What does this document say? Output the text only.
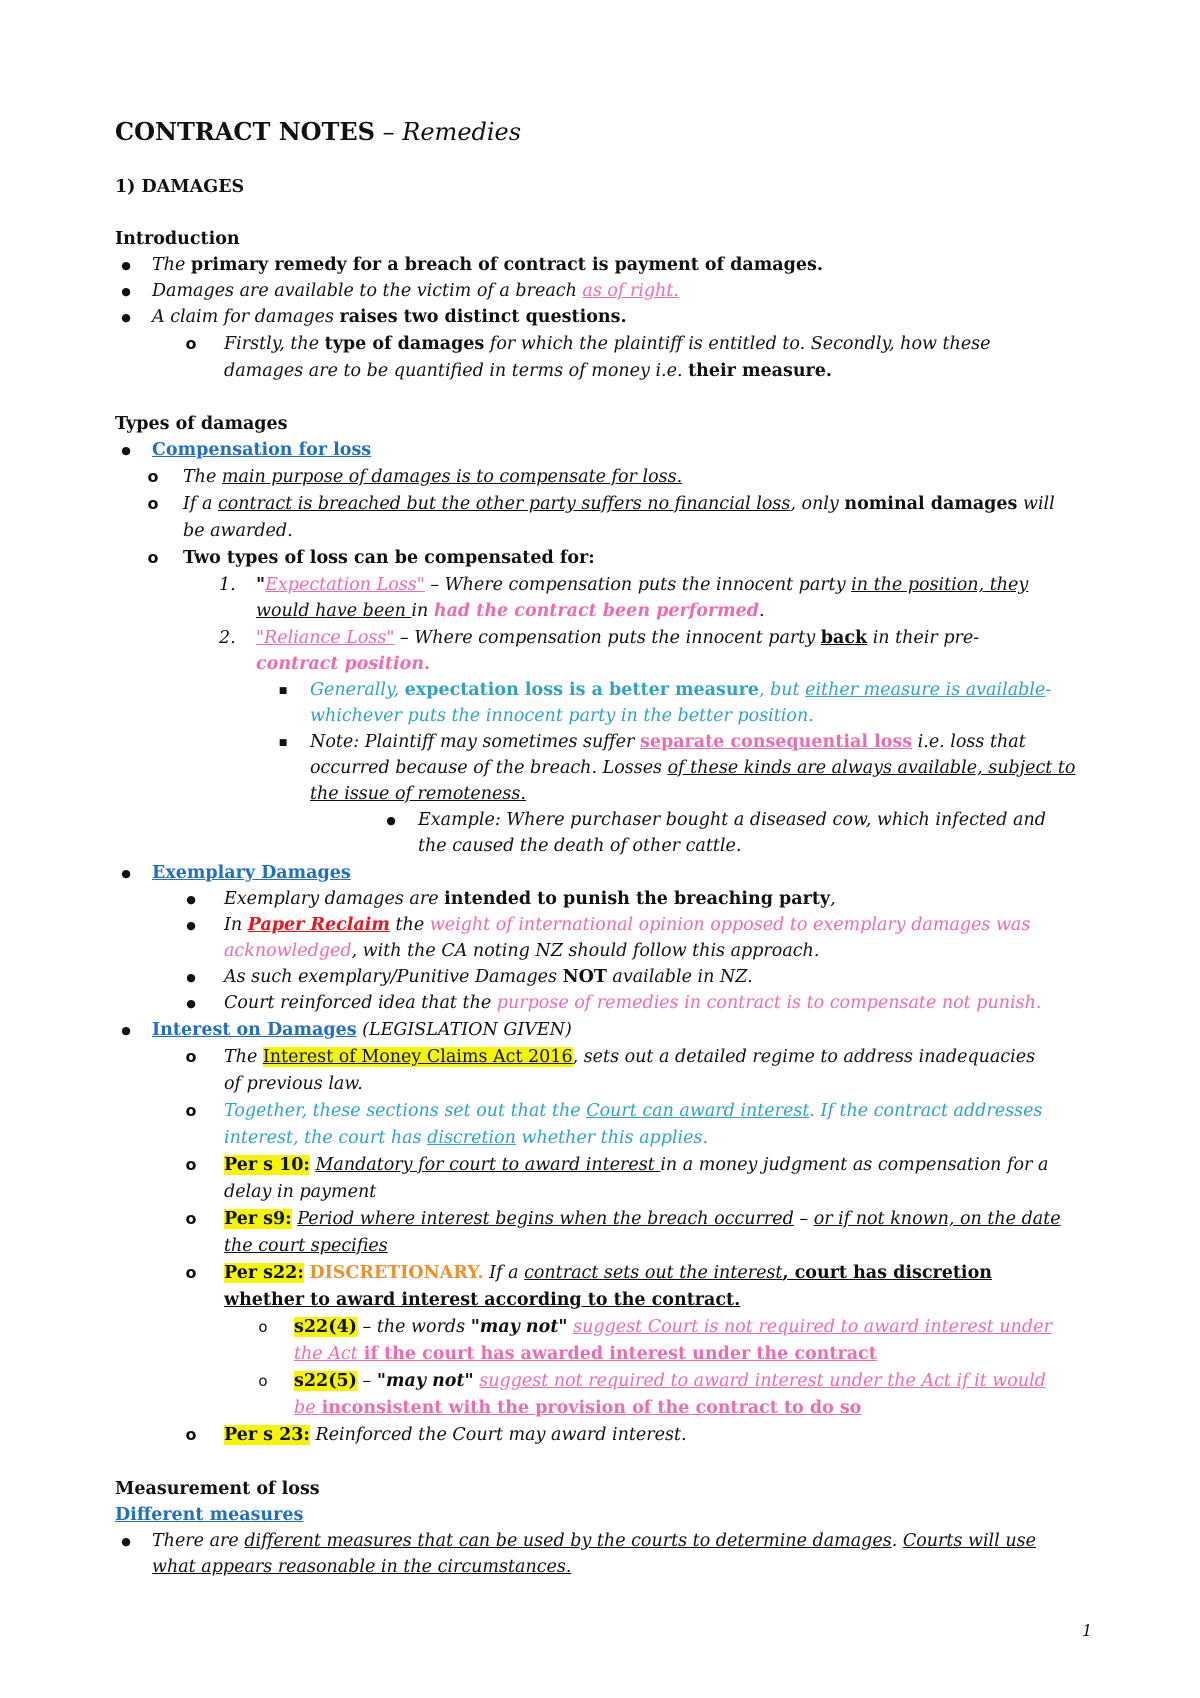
CONTRACT NOTES – Remedies
1) DAMAGES
Introduction
●
The primary remedy for a breach of contract is payment of damages.
●
Damages are available to the victim of a breach as of right.
●
A claim for damages raises two distinct questions.
o
Firstly, the type of damages for which the plaintiff is entitled to. Secondly, how these
damages are to be quantified in terms of money i.e. their measure.
Types of damages
●
Compensation for loss
o
The main purpose of damages is to compensate for loss.
o
If a contract is breached but the other party suffers no financial loss, only nominal damages will
be awarded.
o
Two types of loss can be compensated for:
1. "Expectation Loss" – Where compensation puts the innocent party in the position, they
would have been in had the contract been performed.
2. "Reliance Loss" – Where compensation puts the innocent party back in their pre-
contract position.
■
Generally, expectation loss is a better measure, but either measure is available-
whichever puts the innocent party in the better position.
■
Note: Plaintiff may sometimes suffer separate consequential loss i.e. loss that
occurred because of the breach. Losses of these kinds are always available, subject to
the issue of remoteness.
●
Example: Where purchaser bought a diseased cow, which infected and
the caused the death of other cattle.
●
Exemplary Damages
●
Exemplary damages are intended to punish the breaching party,
●
In Paper Reclaim the weight of international opinion opposed to exemplary damages was
acknowledged, with the CA noting NZ should follow this approach.
●
As such exemplary/Punitive Damages NOT available in NZ.
●
Court reinforced idea that the purpose of remedies in contract is to compensate not punish.
●
Interest on Damages (LEGISLATION GIVEN)
o
The Interest of Money Claims Act 2016, sets out a detailed regime to address inadequacies
of previous law.
o
Together, these sections set out that the Court can award interest. If the contract addresses
interest, the court has discretion whether this applies.
o
Per s 10: Mandatory for court to award interest in a money judgment as compensation for a
delay in payment
o
Per s9: Period where interest begins when the breach occurred – or if not known, on the date
the court specifies
o
Per s22: DISCRETIONARY. If a contract sets out the interest, court has discretion
whether to award interest according to the contract.
o
s22(4) – the words "may not" suggest Court is not required to award interest under
the Act if the court has awarded interest under the contract
o
s22(5) – "may not" suggest not required to award interest under the Act if it would
be inconsistent with the provision of the contract to do so
o
Per s 23: Reinforced the Court may award interest.
Measurement of loss
Different measures
●
There are different measures that can be used by the courts to determine damages. Courts will use
what appears reasonable in the circumstances.
1
